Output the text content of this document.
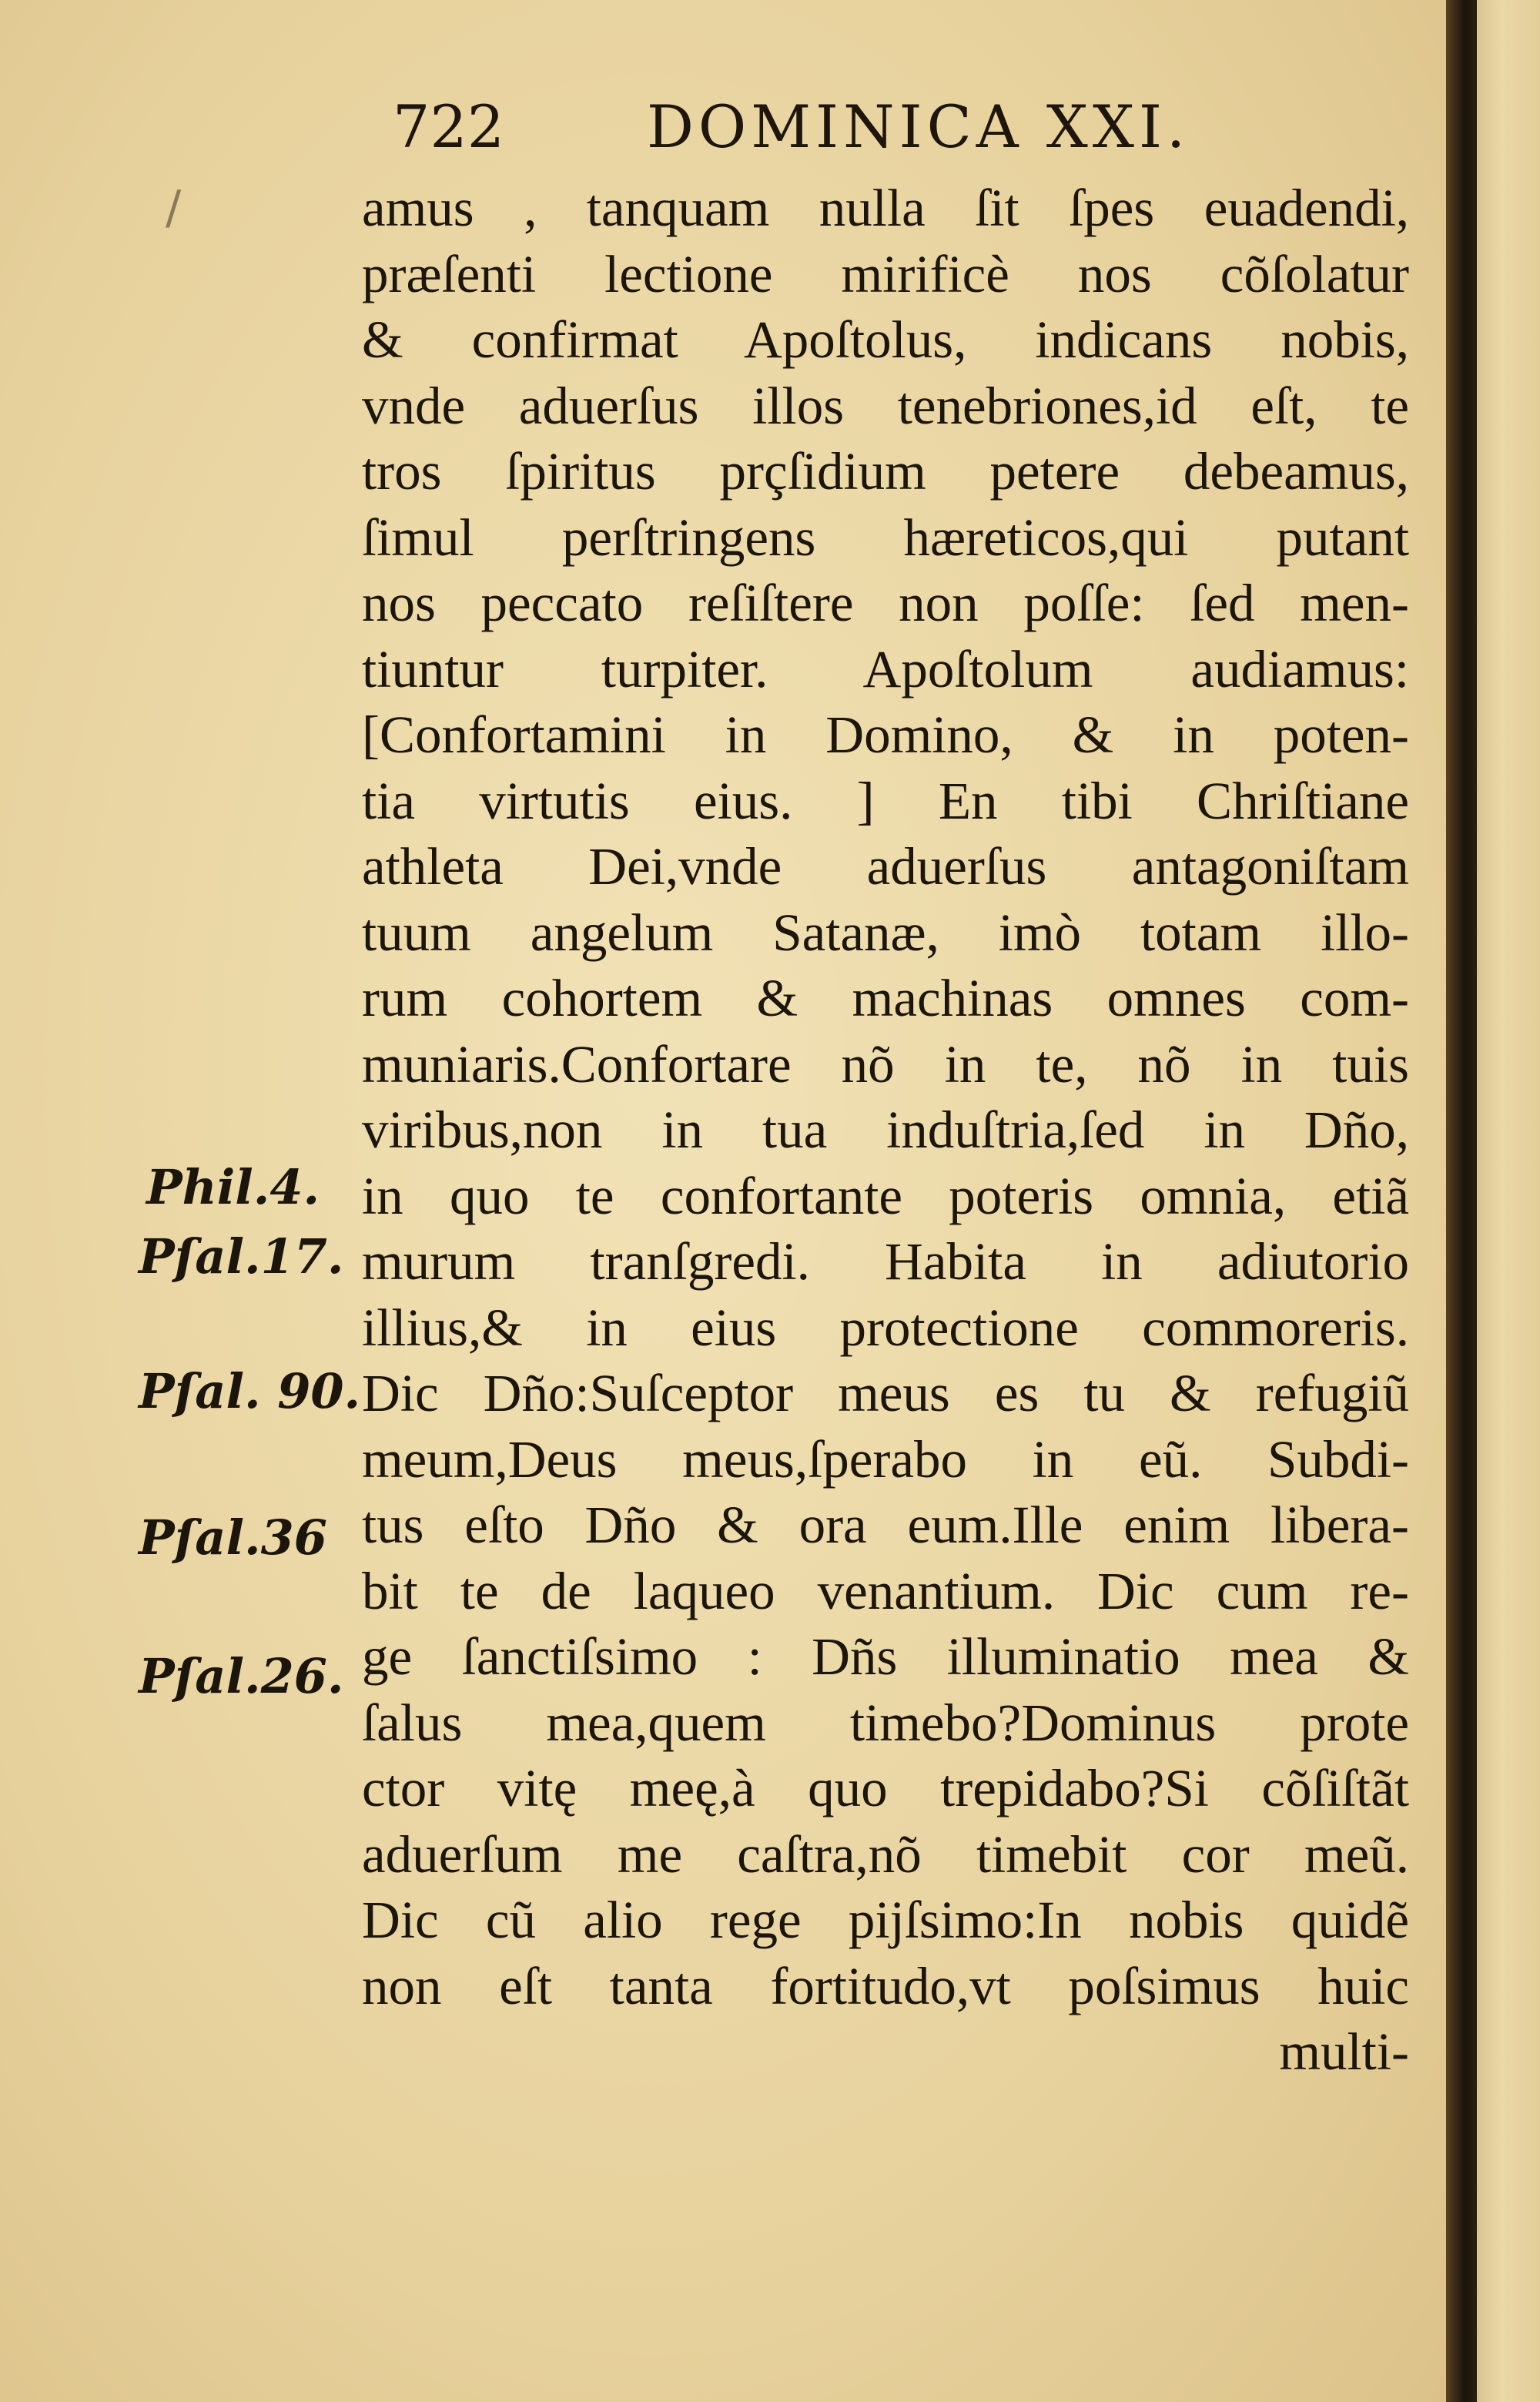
722 DOMINICA XXI.
/	amus , tanquam nulla ſit ſpes euadendi,
præſenti lectione mirificè nos cõſolatur
& confirmat Apoſtolus, indicans nobis,
vnde aduerſus illos tenebriones,id eſt, te
tros ſpiritus prçſidium petere debeamus,
ſimul perſtringens hæreticos,qui putant
nos peccato reſiſtere non poſſe: ſed men-
tiuntur turpiter. Apoſtolum audiamus:
[Confortamini in Domino, & in poten-
tia virtutis eius. ] En tibi Chriſtiane
athleta Dei,vnde aduerſus antagoniſtam
tuum angelum Satanæ, imò totam illo-
rum cohortem & machinas omnes com-
muniaris.Confortare nõ in te, nõ in tuis
viribus,non in tua induſtria,ſed in Dño,
in quo te confortante poteris omnia, etiã
murum tranſgredi. Habita in adiutorio
illius,& in eius protectione commoreris.
Dic Dño:Suſceptor meus es tu & refugiũ
meum,Deus meus,ſperabo in eũ. Subdi-
tus eſto Dño & ora eum.Ille enim libera-
bit te de laqueo venantium. Dic cum re-
ge ſanctiſsimo : Dñs illuminatio mea &
ſalus mea,quem timebo?Dominus prote
ctor vitę meę,à quo trepidabo?Si cõſiſtãt
aduerſum me caſtra,nõ timebit cor meũ.
Dic cũ alio rege pijſsimo:In nobis quidẽ
non eſt tanta fortitudo,vt poſsimus huic
multi-
Phil.4.
Pſal.17.
Pſal. 90.
Pſal.36
Pſal.26.
